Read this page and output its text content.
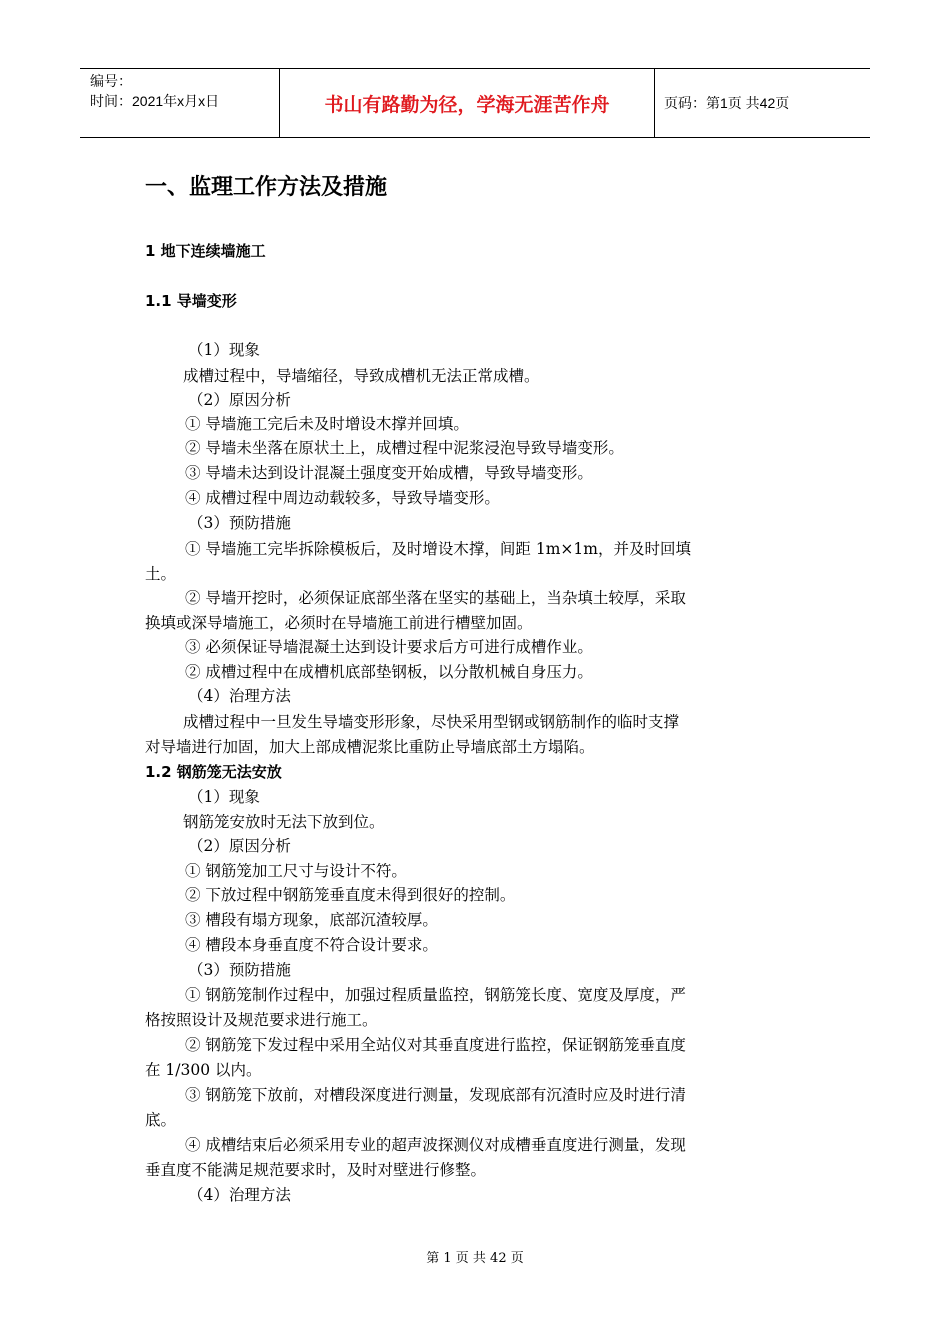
编号：
时间：2021年x月x日	书山有路勤为径，学海无涯苦作舟	页码：第1页 共42页
一、监理工作方法及措施
1 地下连续墙施工
1.1 导墙变形
（1）现象
成槽过程中，导墙缩径，导致成槽机无法正常成槽。
（2）原因分析
① 导墙施工完后未及时增设木撑并回填。
② 导墙未坐落在原状土上，成槽过程中泥浆浸泡导致导墙变形。
③ 导墙未达到设计混凝土强度变开始成槽，导致导墙变形。
④ 成槽过程中周边动载较多，导致导墙变形。
（3）预防措施
① 导墙施工完毕拆除模板后，及时增设木撑，间距 1m×1m，并及时回填
土。
② 导墙开挖时，必须保证底部坐落在坚实的基础上，当杂填土较厚，采取
换填或深导墙施工，必须时在导墙施工前进行槽壁加固。
③ 必须保证导墙混凝土达到设计要求后方可进行成槽作业。
② 成槽过程中在成槽机底部垫钢板，以分散机械自身压力。
（4）治理方法
成槽过程中一旦发生导墙变形形象，尽快采用型钢或钢筋制作的临时支撑
对导墙进行加固，加大上部成槽泥浆比重防止导墙底部土方塌陷。
1.2 钢筋笼无法安放
（1）现象
钢筋笼安放时无法下放到位。
（2）原因分析
① 钢筋笼加工尺寸与设计不符。
② 下放过程中钢筋笼垂直度未得到很好的控制。
③ 槽段有塌方现象，底部沉渣较厚。
④ 槽段本身垂直度不符合设计要求。
（3）预防措施
① 钢筋笼制作过程中，加强过程质量监控，钢筋笼长度、宽度及厚度，严
格按照设计及规范要求进行施工。
② 钢筋笼下发过程中采用全站仪对其垂直度进行监控，保证钢筋笼垂直度
在 1/300 以内。
③ 钢筋笼下放前，对槽段深度进行测量，发现底部有沉渣时应及时进行清
底。
④ 成槽结束后必须采用专业的超声波探测仪对成槽垂直度进行测量，发现
垂直度不能满足规范要求时，及时对壁进行修整。
（4）治理方法
第 1 页 共 42 页
